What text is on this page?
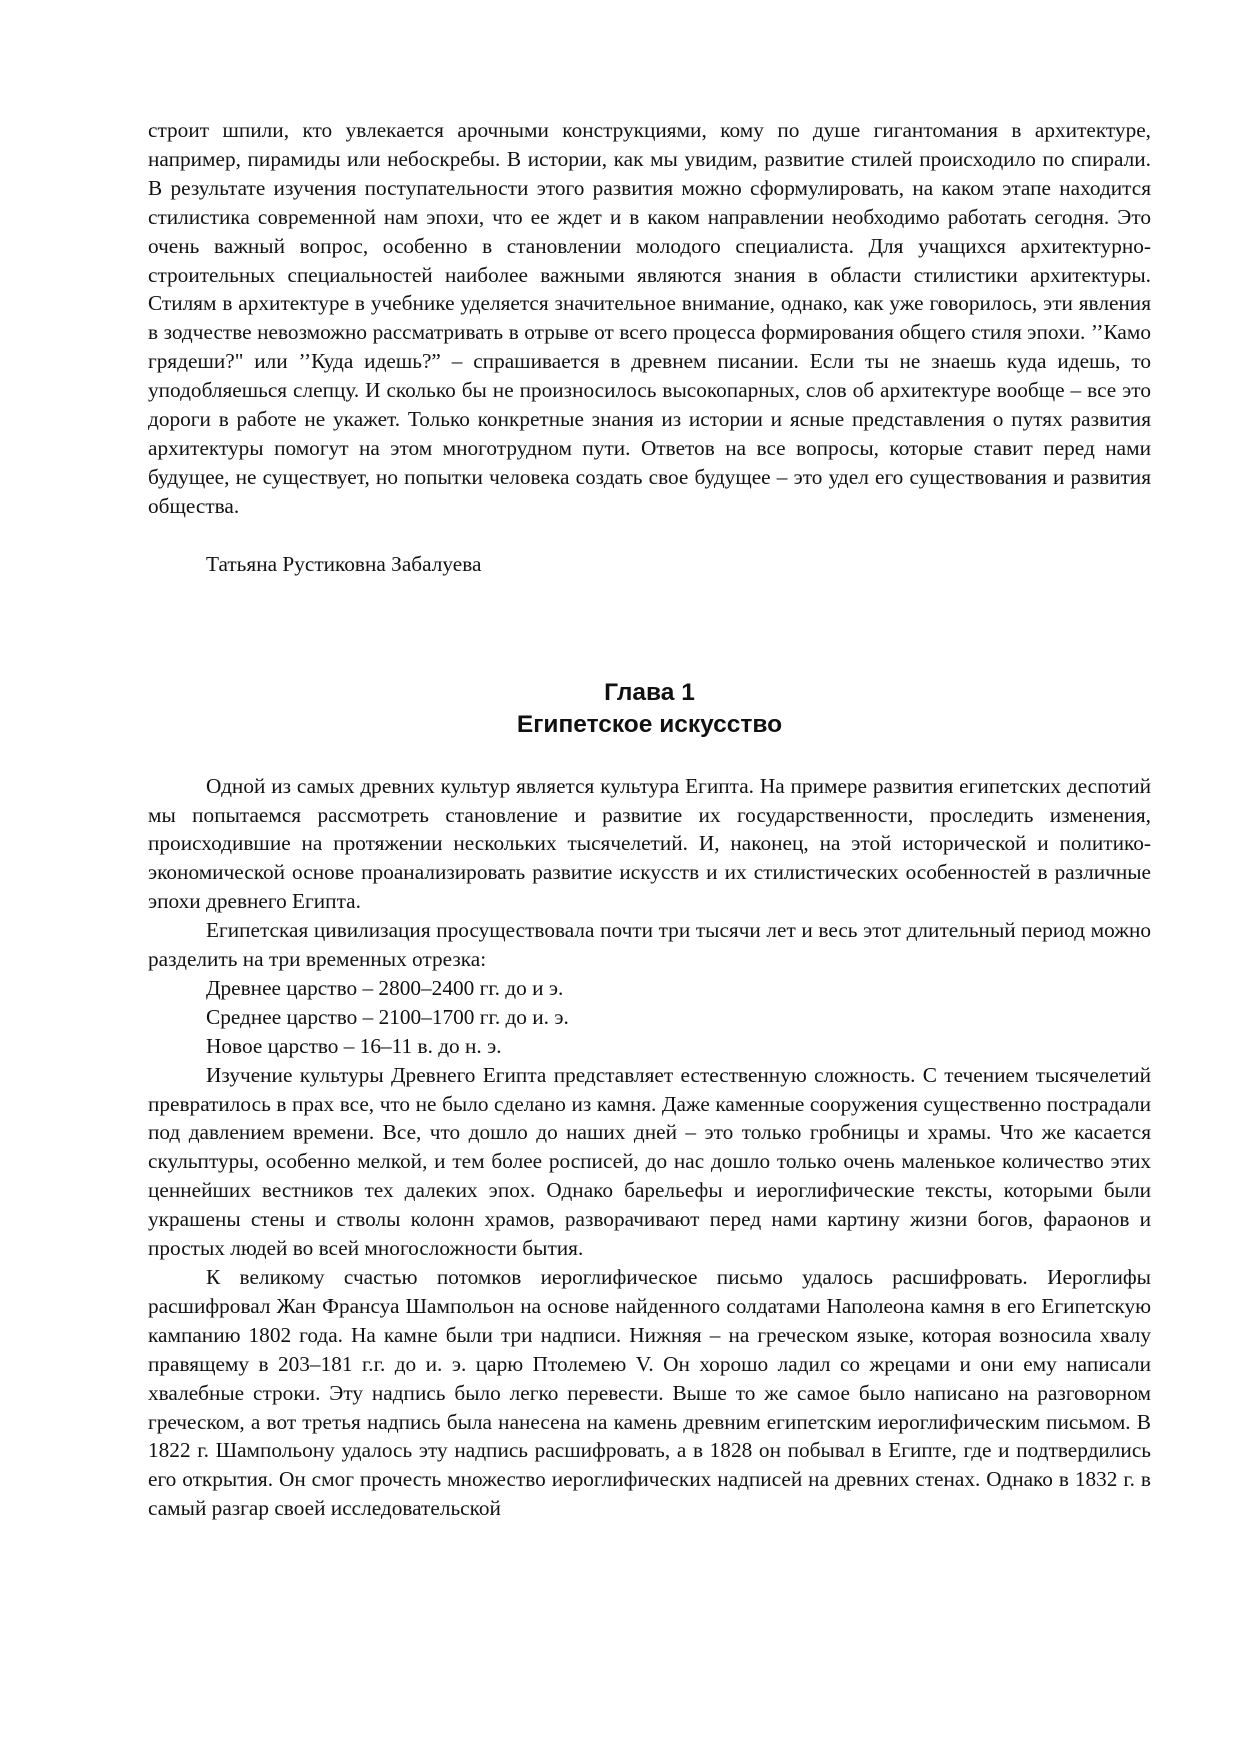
строит шпили, кто увлекается арочными конструкциями, кому по душе гигантомания в архитектуре, например, пирамиды или небоскребы. В истории, как мы увидим, развитие стилей происходило по спирали. В результате изучения поступательности этого развития можно сформулировать, на каком этапе находится стилистика современной нам эпохи, что ее ждет и в каком направлении необходимо работать сегодня. Это очень важный вопрос, особенно в становлении молодого специалиста. Для учащихся архитектурно-строительных специальностей наиболее важными являются знания в области стилистики архитектуры. Стилям в архитектуре в учебнике уделяется значительное внимание, однако, как уже говорилось, эти явления в зодчестве невозможно рассматривать в отрыве от всего процесса формирования общего стиля эпохи. ’’Камо грядеши?" или ’’Куда идешь?” – спрашивается в древнем писании. Если ты не знаешь куда идешь, то уподобляешься слепцу. И сколько бы не произносилось высокопарных, слов об архитектуре вообще – все это дороги в работе не укажет. Только конкретные знания из истории и ясные представления о путях развития архитектуры помогут на этом многотрудном пути. Ответов на все вопросы, которые ставит перед нами будущее, не существует, но попытки человека создать свое будущее – это удел его существования и развития общества.

Татьяна Рустиковна Забалуева

Глава 1
Египетское искусство

Одной из самых древних культур является культура Египта. На примере развития египетских деспотий мы попытаемся рассмотреть становление и развитие их государственности, проследить изменения, происходившие на протяжении нескольких тысячелетий. И, наконец, на этой исторической и политико-экономической основе проанализировать развитие искусств и их стилистических особенностей в различные эпохи древнего Египта.

Египетская цивилизация просуществовала почти три тысячи лет и весь этот длительный период можно разделить на три временных отрезка:

Древнее царство – 2800–2400 гг. до и э.

Среднее царство – 2100–1700 гг. до и. э.

Новое царство – 16–11 в. до н. э.

Изучение культуры Древнего Египта представляет естественную сложность. С течением тысячелетий превратилось в прах все, что не было сделано из камня. Даже каменные сооружения существенно пострадали под давлением времени. Все, что дошло до наших дней – это только гробницы и храмы. Что же касается скульптуры, особенно мелкой, и тем более росписей, до нас дошло только очень маленькое количество этих ценнейших вестников тех далеких эпох. Однако барельефы и иероглифические тексты, которыми были украшены стены и стволы колонн храмов, разворачивают перед нами картину жизни богов, фараонов и простых людей во всей многосложности бытия.

К великому счастью потомков иероглифическое письмо удалось расшифровать. Иероглифы расшифровал Жан Франсуа Шампольон на основе найденного солдатами Наполеона камня в его Египетскую кампанию 1802 года. На камне были три надписи. Нижняя – на греческом языке, которая возносила хвалу правящему в 203–181 г.г. до и. э. царю Птолемею V. Он хорошо ладил со жрецами и они ему написали хвалебные строки. Эту надпись было легко перевести. Выше то же самое было написано на разговорном греческом, а вот третья надпись была нанесена на камень древним египетским иероглифическим письмом. В 1822 г. Шампольону удалось эту надпись расшифровать, а в 1828 он побывал в Египте, где и подтвердились его открытия. Он смог прочесть множество иероглифических надписей на древних стенах. Однако в 1832 г. в самый разгар своей исследовательской
